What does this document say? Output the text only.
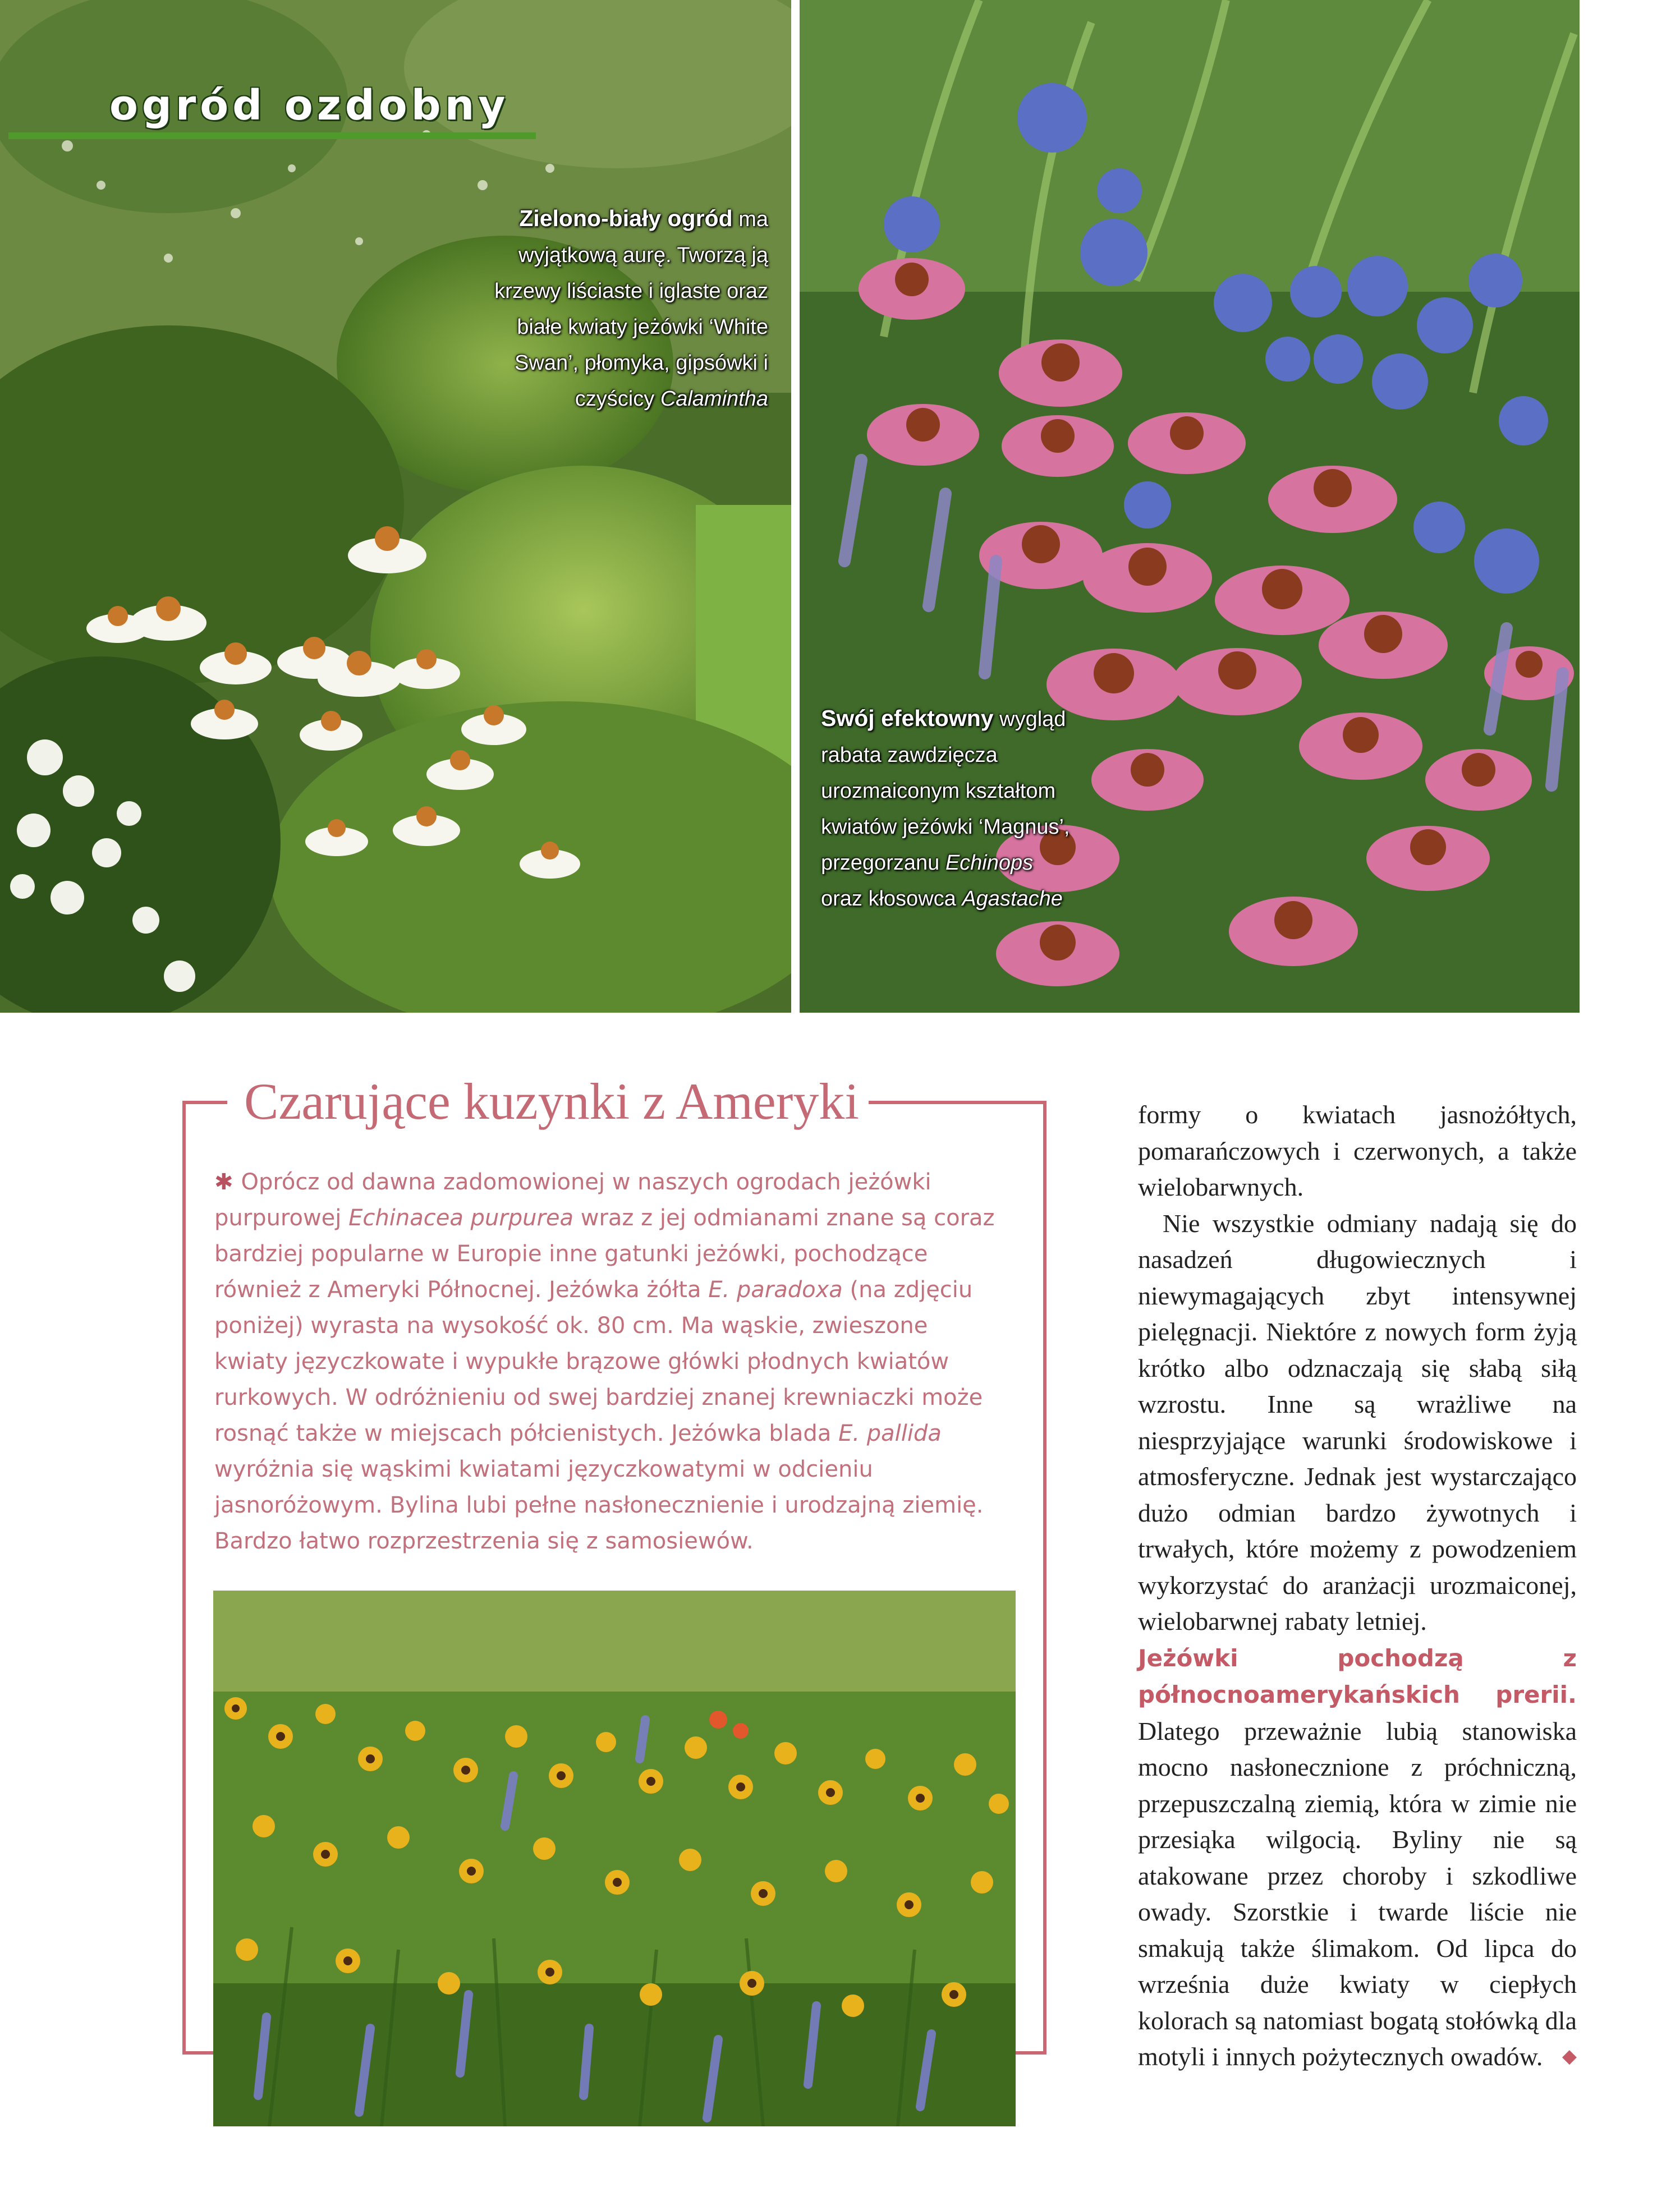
ogród ozdobny
Zielono-biały ogród ma wyjątkową aurę. Tworzą ją krzewy liściaste i iglaste oraz białe kwiaty jeżówki ‘White Swan’, płomyka, gipsówki i czyścicy Calamintha
Swój efektowny wygląd rabata zawdzięcza urozmaiconym kształtom kwiatów jeżówki ‘Magnus’, przegorzanu Echinops oraz kłosowca Agastache
Czarujące kuzynki z Ameryki

✱ Oprócz od dawna zadomowionej w naszych ogrodach jeżówki purpurowej Echinacea purpurea wraz z jej odmianami znane są coraz bardziej popularne w Europie inne gatunki jeżówki, pochodzące również z Ameryki Północnej. Jeżówka żółta E. paradoxa (na zdjęciu poniżej) wyrasta na wysokość ok. 80 cm. Ma wąskie, zwieszone kwiaty języczkowate i wypukłe brązowe główki płodnych kwiatów rurkowych. W odróżnieniu od swej bardziej znanej krewniaczki może rosnąć także w miejscach półcienistych. Jeżówka blada E. pallida wyróżnia się wąskimi kwiatami języczkowatymi w odcieniu jasnoróżowym. Bylina lubi pełne nasłonecznienie i urodzajną ziemię. Bardzo łatwo rozprzestrzenia się z samosiewów.

formy o kwiatach jasnożółtych, pomarańczowych i czerwonych, a także wielobarwnych.

Nie wszystkie odmiany nadają się do nasadzeń długowiecznych i niewymagających zbyt intensywnej pielęgnacji. Niektóre z nowych form żyją krótko albo odznaczają się słabą siłą wzrostu. Inne są wrażliwe na niesprzyjające warunki środowiskowe i atmosferyczne. Jednak jest wystarczająco dużo odmian bardzo żywotnych i trwałych, które możemy z powodzeniem wykorzystać do aranżacji urozmaiconej, wielobarwnej rabaty letniej.

Jeżówki pochodzą z północnoamerykańskich prerii. Dlatego przeważnie lubią stanowiska mocno nasłonecznione z próchniczną, przepuszczalną ziemią, która w zimie nie przesiąka wilgocią. Byliny nie są atakowane przez choroby i szkodliwe owady. Szorstkie i twarde liście nie smakują także ślimakom. Od lipca do września duże kwiaty w ciepłych kolorach są natomiast bogatą stołówką dla motyli i innych pożytecznych owadów. ◆
